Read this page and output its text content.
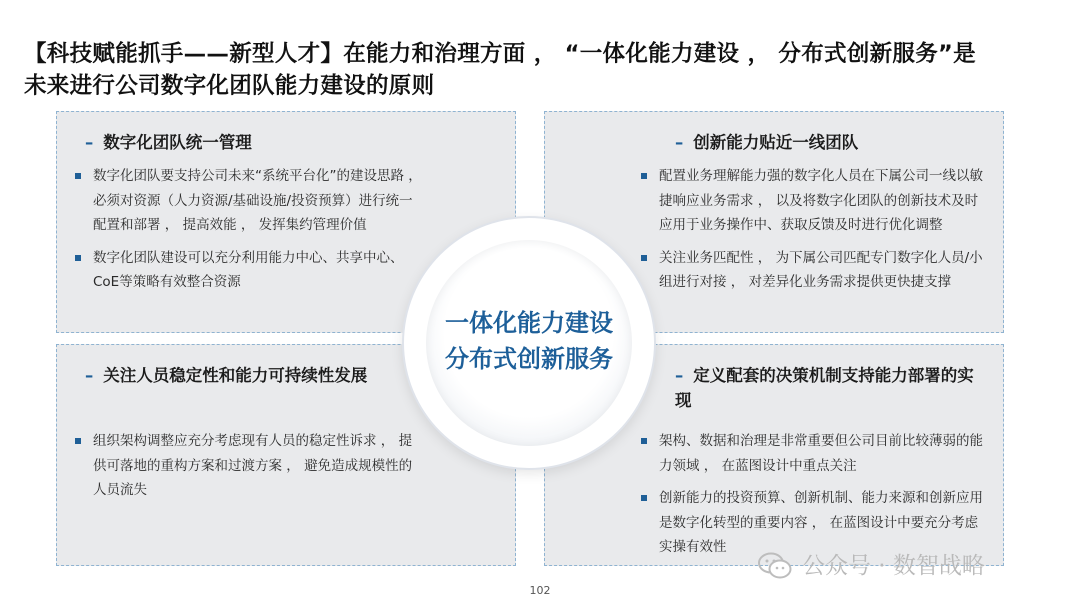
【科技赋能抓手——新型人才】在能力和治理方面 ， “一体化能力建设 ， 分布式创新服务”是
未来进行公司数字化团队能力建设的原则
– 数字化团队统一管理
数字化团队要支持公司未来“系统平台化”的建设思路 ， 必须对资源（人力资源/基础设施/投资预算）进行统一配置和部署 ， 提高效能 ， 发挥集约管理价值
数字化团队建设可以充分利用能力中心、共享中心、CoE等策略有效整合资源
– 创新能力贴近一线团队
配置业务理解能力强的数字化人员在下属公司一线以敏捷响应业务需求 ， 以及将数字化团队的创新技术及时应用于业务操作中、获取反馈及时进行优化调整
关注业务匹配性 ， 为下属公司匹配专门数字化人员/小组进行对接 ， 对差异化业务需求提供更快捷支撑
– 关注人员稳定性和能力可持续性发展
组织架构调整应充分考虑现有人员的稳定性诉求 ， 提供可落地的重构方案和过渡方案 ， 避免造成规模性的人员流失
– 定义配套的决策机制支持能力部署的实现
架构、数据和治理是非常重要但公司目前比较薄弱的能力领域 ， 在蓝图设计中重点关注
创新能力的投资预算、创新机制、能力来源和创新应用是数字化转型的重要内容 ， 在蓝图设计中要充分考虑实操有效性
一体化能力建设
分布式创新服务
102
公众号 · 数智战略
